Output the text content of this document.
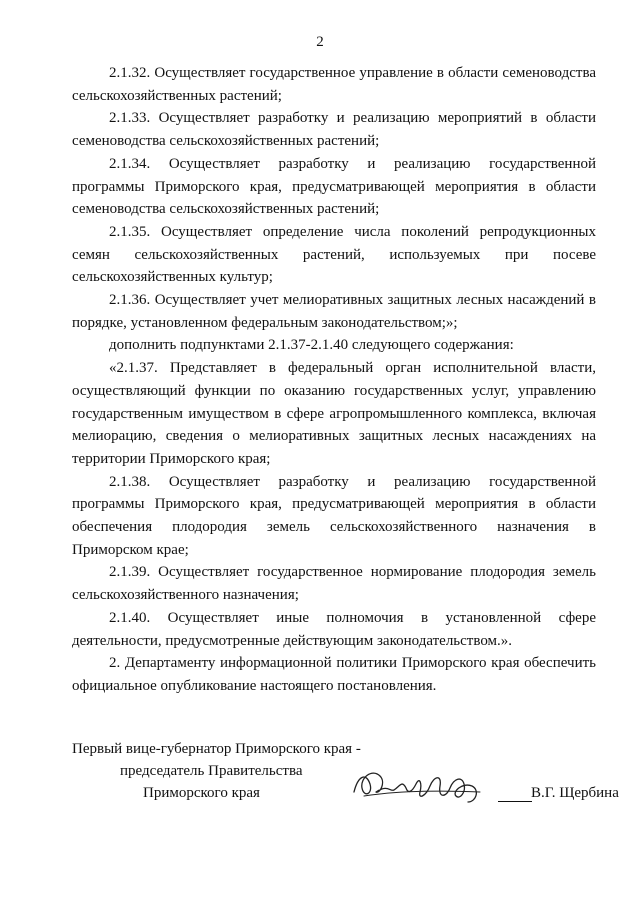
2

2.1.32. Осуществляет государственное управление в области семеноводства сельскохозяйственных растений;

2.1.33. Осуществляет разработку и реализацию мероприятий в области семеноводства сельскохозяйственных растений;

2.1.34. Осуществляет разработку и реализацию государственной программы Приморского края, предусматривающей мероприятия в области семеноводства сельскохозяйственных растений;

2.1.35. Осуществляет определение числа поколений репродукционных семян сельскохозяйственных растений, используемых при посеве сельскохозяйственных культур;

2.1.36. Осуществляет учет мелиоративных защитных лесных насаждений в порядке, установленном федеральным законодательством;»;

дополнить подпунктами 2.1.37-2.1.40 следующего содержания:

«2.1.37. Представляет в федеральный орган исполнительной власти, осуществляющий функции по оказанию государственных услуг, управлению государственным имуществом в сфере агропромышленного комплекса, включая мелиорацию, сведения о мелиоративных защитных лесных насаждениях на территории Приморского края;

2.1.38. Осуществляет разработку и реализацию государственной программы Приморского края, предусматривающей мероприятия в области обеспечения плодородия земель сельскохозяйственного назначения в Приморском крае;

2.1.39. Осуществляет государственное нормирование плодородия земель сельскохозяйственного назначения;

2.1.40. Осуществляет иные полномочия в установленной сфере деятельности, предусмотренные действующим законодательством.».

2. Департаменту информационной политики Приморского края обеспечить официальное опубликование настоящего постановления.

Первый вице-губернатор Приморского края -
председатель Правительства
Приморского края	В.Г. Щербина
